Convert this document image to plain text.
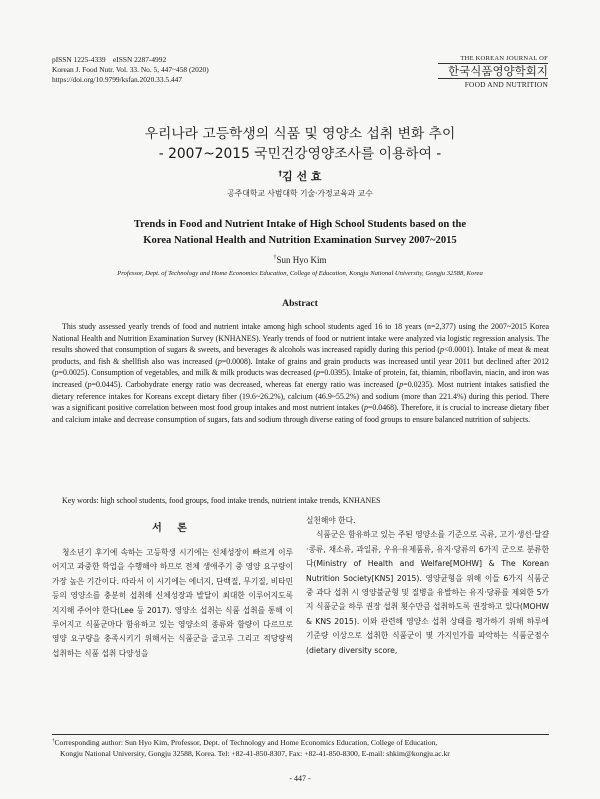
pISSN 1225-4339    eISSN 2287-4992
Korean J. Food Nutr. Vol. 33. No. 5, 447~458 (2020)
https://doi.org/10.9799/ksfan.2020.33.5.447
THE KOREAN JOURNAL OF
한국식품영양학회지
FOOD AND NUTRITION
우리나라 고등학생의 식품 및 영양소 섭취 변화 추이
- 2007~2015 국민건강영양조사를 이용하여 -
†김 선 효
공주대학교 사범대학 기술·가정교육과 교수
Trends in Food and Nutrient Intake of High School Students based on the
Korea National Health and Nutrition Examination Survey 2007~2015
†Sun Hyo Kim
Professor, Dept. of Technology and Home Economics Education, College of Education, Kongju National University, Gongju 32588, Korea
Abstract
This study assessed yearly trends of food and nutrient intake among high school students aged 16 to 18 years (n=2,377) using the 2007~2015 Korea National Health and Nutrition Examination Survey (KNHANES). Yearly trends of food or nutrient intake were analyzed via logistic regression analysis. The results showed that consumption of sugars & sweets, and beverages & alcohols was increased rapidly during this period (p<0.0001). Intake of meat & meat products, and fish & shellfish also was increased (p=0.0008). Intake of grains and grain products was increased until year 2011 but declined after 2012 (p=0.0025). Consumption of vegetables, and milk & milk products was decreased (p=0.0395). Intake of protein, fat, thiamin, riboflavin, niacin, and iron was increased (p=0.0445). Carbohydrate energy ratio was decreased, whereas fat energy ratio was increased (p=0.0235). Most nutrient intakes satisfied the dietary reference intakes for Koreans except dietary fiber (19.6~26.2%), calcium (46.9~55.2%) and sodium (more than 221.4%) during this period. There was a significant positive correlation between most food group intakes and most nutrient intakes (p=0.0468). Therefore, it is crucial to increase dietary fiber and calcium intake and decrease consumption of sugars, fats and sodium through diverse eating of food groups to ensure balanced nutrition of subjects.
Key words: high school students, food groups, food intake trends, nutrient intake trends, KNHANES
서 론

청소년기 후기에 속하는 고등학생 시기에는 신체성장이 빠르게 이루어지고 과중한 학업을 수행해야 하므로 전체 생애주기 중 영양 요구량이 가장 높은 기간이다. 따라서 이 시기에는 에너지, 단백질, 무기질, 비타민 등의 영양소를 충분히 섭취해 신체성장과 발달이 최대한 이루어지도록 지지해 주어야 한다(Lee 등 2017). 영양소 섭취는 식품 섭취를 통해 이루어지고 식품군마다 함유하고 있는 영양소의 종류와 함량이 다르므로 영양 요구량을 충족시키기 위해서는 식품군을 골고루 그리고 적당량씩 섭취하는 식품 섭취 다양성을

실천해야 한다.

식품군은 함유하고 있는 주된 영양소를 기준으로 곡류, 고기·생선·달걀·콩류, 채소류, 과일류, 우유·유제품류, 유지·당류의 6가지 군으로 분류한다(Ministry of Health and Welfare[MOHW] & The Korean Nutrition Society[KNS] 2015). 영양균형을 위해 이들 6가지 식품군 중 과다 섭취 시 영양불균형 및 질병을 유발하는 유지·당류를 제외한 5가지 식품군을 하루 권장 섭취 횟수만큼 섭취하도록 권장하고 있다(MOHW & KNS 2015). 이와 관련해 영양소 섭취 상태를 평가하기 위해 하루에 기준량 이상으로 섭취한 식품군이 몇 가지인가를 파악하는 식품군점수(dietary diversity score,

†Corresponding author: Sun Hyo Kim, Professor, Dept. of Technology and Home Economics Education, College of Education,
Kongju National University, Gongju 32588, Korea. Tel: +82-41-850-8307, Fax: +82-41-850-8300, E-mail: shkim@kongju.ac.kr
- 447 -
